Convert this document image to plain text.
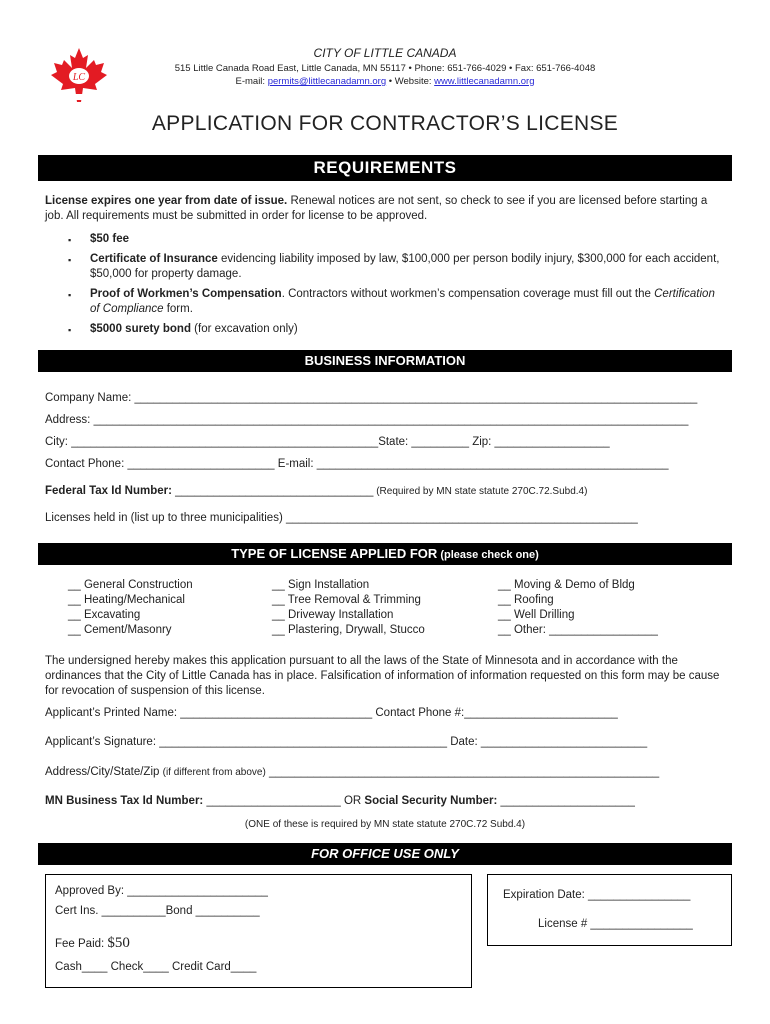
LC
CITY OF LITTLE CANADA
515 Little Canada Road East, Little Canada, MN 55117 • Phone: 651-766-4029 • Fax: 651-766-4048
E-mail: permits@littlecanadamn.org • Website: www.littlecanadamn.org
APPLICATION FOR CONTRACTOR’S LICENSE
REQUIREMENTS
License expires one year from date of issue. Renewal notices are not sent, so check to see if you are licensed before starting a job. All requirements must be submitted in order for license to be approved.
▪ $50 fee
▪ Certificate of Insurance evidencing liability imposed by law, $100,000 per person bodily injury, $300,000 for each accident, $50,000 for property damage.
▪ Proof of Workmen’s Compensation. Contractors without workmen’s compensation coverage must fill out the Certification of Compliance form.
▪ $5000 surety bond (for excavation only)
BUSINESS INFORMATION
Company Name: ________________________________________________________________________________________
Address: _____________________________________________________________________________________________
City: ________________________________________________State: _________ Zip: __________________
Contact Phone: _______________________ E-mail: _______________________________________________________
Federal Tax Id Number: _______________________________ (Required by MN state statute 270C.72.Subd.4)
Licenses held in (list up to three municipalities) _______________________________________________________
TYPE OF LICENSE APPLIED FOR (please check one)
__ General Construction
__ Heating/Mechanical
__ Excavating
__ Cement/Masonry
__ Sign Installation
__ Tree Removal & Trimming
__ Driveway Installation
__ Plastering, Drywall, Stucco
__ Moving & Demo of Bldg
__ Roofing
__ Well Drilling
__ Other: _________________
The undersigned hereby makes this application pursuant to all the laws of the State of Minnesota and in accordance with the ordinances that the City of Little Canada has in place. Falsification of information of information requested on this form may be cause for revocation of suspension of this license.
Applicant’s Printed Name: ______________________________ Contact Phone #:________________________
Applicant’s Signature: _____________________________________________ Date: __________________________
Address/City/State/Zip (if different from above) _____________________________________________________________
MN Business Tax Id Number: _____________________ OR Social Security Number: _____________________
(ONE of these is required by MN state statute 270C.72 Subd.4)
FOR OFFICE USE ONLY
Approved By: ______________________
Cert Ins. __________Bond __________
Fee Paid: $50
Cash____ Check____ Credit Card____
Expiration Date: ________________
License # ________________
